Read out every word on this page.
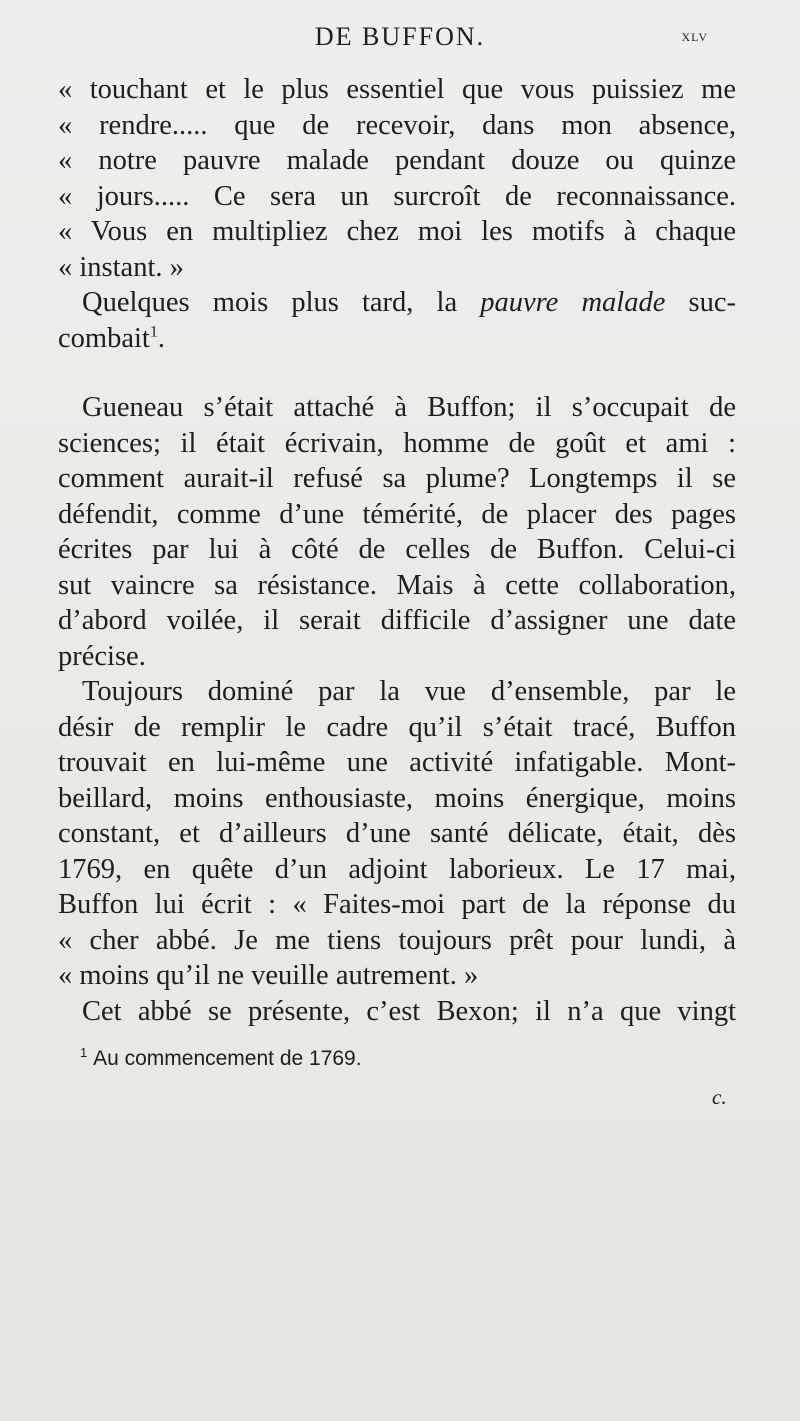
DE BUFFON.	xlv
« touchant et le plus essentiel que vous puissiez me
« rendre..... que de recevoir, dans mon absence,
« notre pauvre malade pendant douze ou quinze
« jours..... Ce sera un surcroît de reconnaissance.
« Vous en multipliez chez moi les motifs à chaque
« instant. »
Quelques mois plus tard, la pauvre malade suc-
combait$^1$.
Gueneau s’était attaché à Buffon; il s’occupait de
sciences; il était écrivain, homme de goût et ami :
comment aurait-il refusé sa plume? Longtemps il se
défendit, comme d’une témérité, de placer des pages
écrites par lui à côté de celles de Buffon. Celui-ci
sut vaincre sa résistance. Mais à cette collaboration,
d’abord voilée, il serait difficile d’assigner une date
précise.
Toujours dominé par la vue d’ensemble, par le
désir de remplir le cadre qu’il s’était tracé, Buffon
trouvait en lui-même une activité infatigable. Mont-
beillard, moins enthousiaste, moins énergique, moins
constant, et d’ailleurs d’une santé délicate, était, dès
1769, en quête d’un adjoint laborieux. Le 17 mai,
Buffon lui écrit : « Faites-moi part de la réponse du
« cher abbé. Je me tiens toujours prêt pour lundi, à
« moins qu’il ne veuille autrement. »
Cet abbé se présente, c’est Bexon; il n’a que vingt
$^1$ Au commencement de 1769.
c.
